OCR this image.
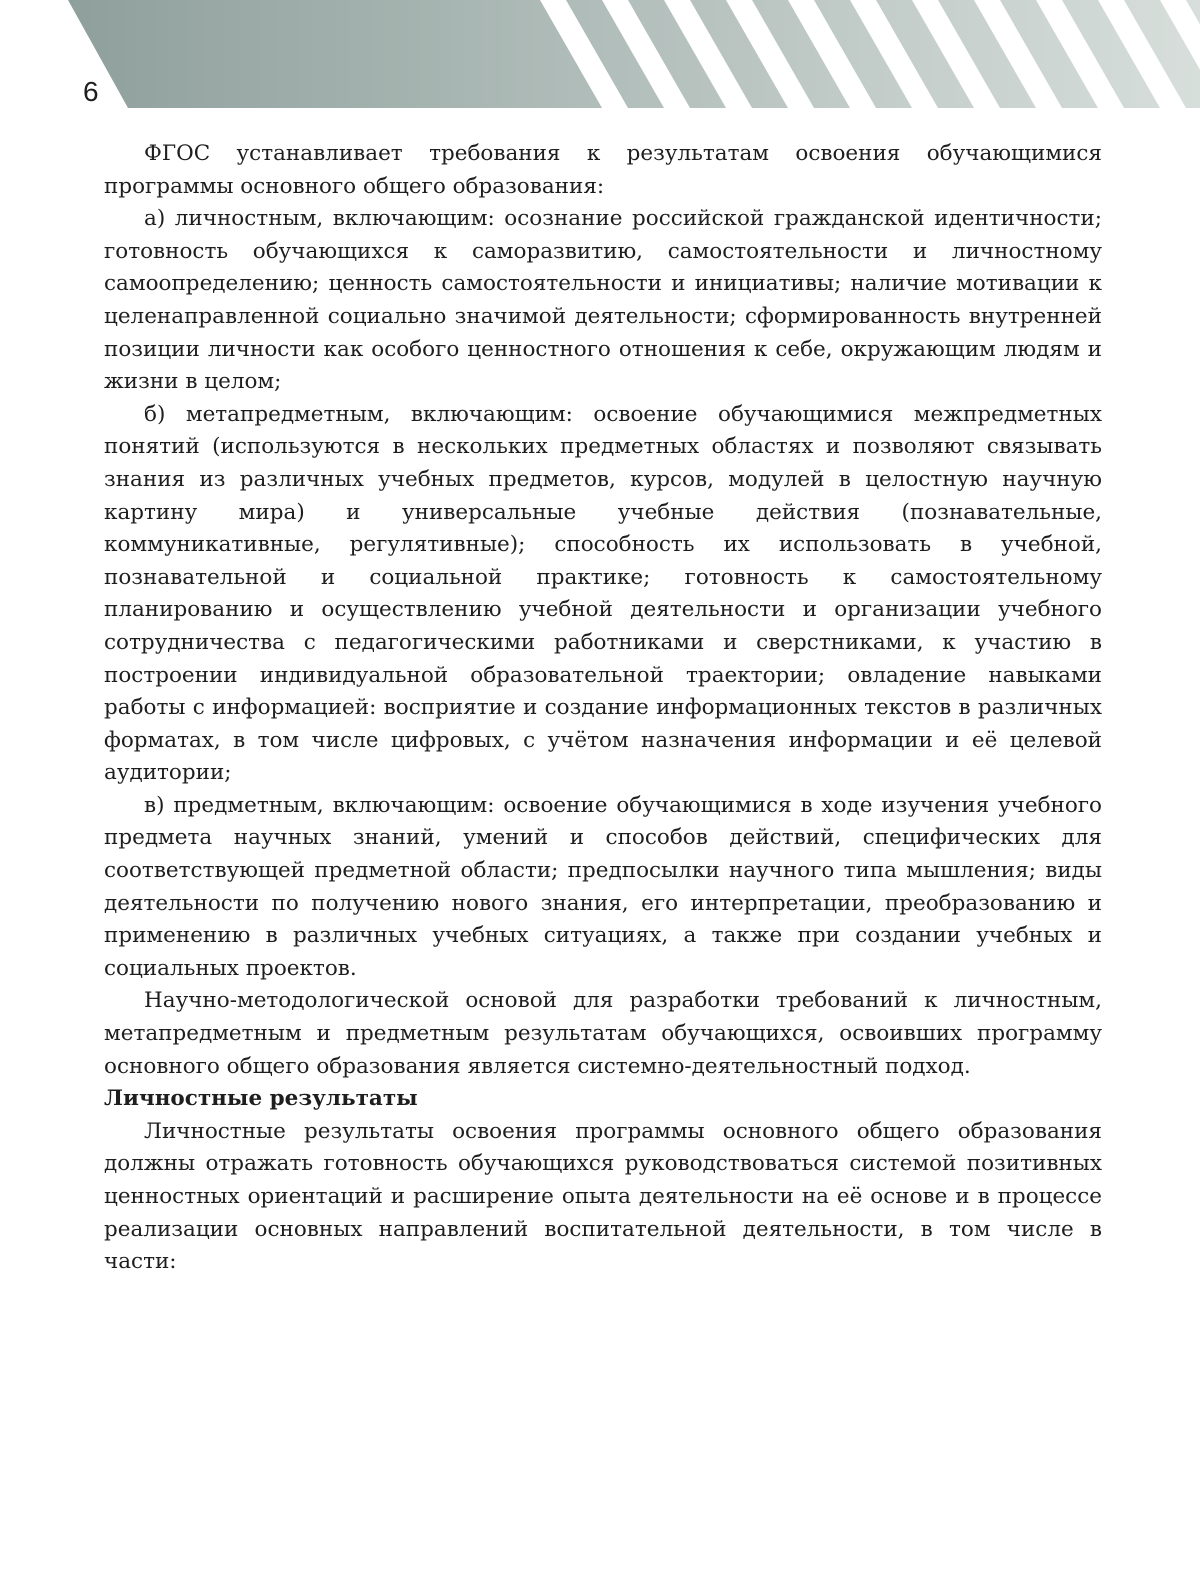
6

ФГОС устанавливает требования к результатам освоения обучающимися программы основного общего образования:

а) личностным, включающим: осознание российской гражданской идентичности; готовность обучающихся к саморазвитию, самостоятельности и личностному самоопределению; ценность самостоятельности и инициативы; наличие мотивации к целенаправленной социально значимой деятельности; сформированность внутренней позиции личности как особого ценностного отношения к себе, окружающим людям и жизни в целом;

б) метапредметным, включающим: освоение обучающимися межпредметных понятий (используются в нескольких предметных областях и позволяют связывать знания из различных учебных предметов, курсов, модулей в целостную научную картину мира) и универсальные учебные действия (познавательные, коммуникативные, регулятивные); способность их использовать в учебной, познавательной и социальной практике; готовность к самостоятельному планированию и осуществлению учебной деятельности и организации учебного сотрудничества с педагогическими работниками и сверстниками, к участию в построении индивидуальной образовательной траектории; овладение навыками работы с информацией: восприятие и создание информационных текстов в различных форматах, в том числе цифровых, с учётом назначения информации и её целевой аудитории;

в) предметным, включающим: освоение обучающимися в ходе изучения учебного предмета научных знаний, умений и способов действий, специфических для соответствующей предметной области; предпосылки научного типа мышления; виды деятельности по получению нового знания, его интерпретации, преобразованию и применению в различных учебных ситуациях, а также при создании учебных и социальных проектов.

Научно-методологической основой для разработки требований к личностным, метапредметным и предметным результатам обучающихся, освоивших программу основного общего образования является системно-деятельностный подход.

Личностные результаты

Личностные результаты освоения программы основного общего образования должны отражать готовность обучающихся руководствоваться системой позитивных ценностных ориентаций и расширение опыта деятельности на её основе и в процессе реализации основных направлений воспитательной деятельности, в том числе в части:
